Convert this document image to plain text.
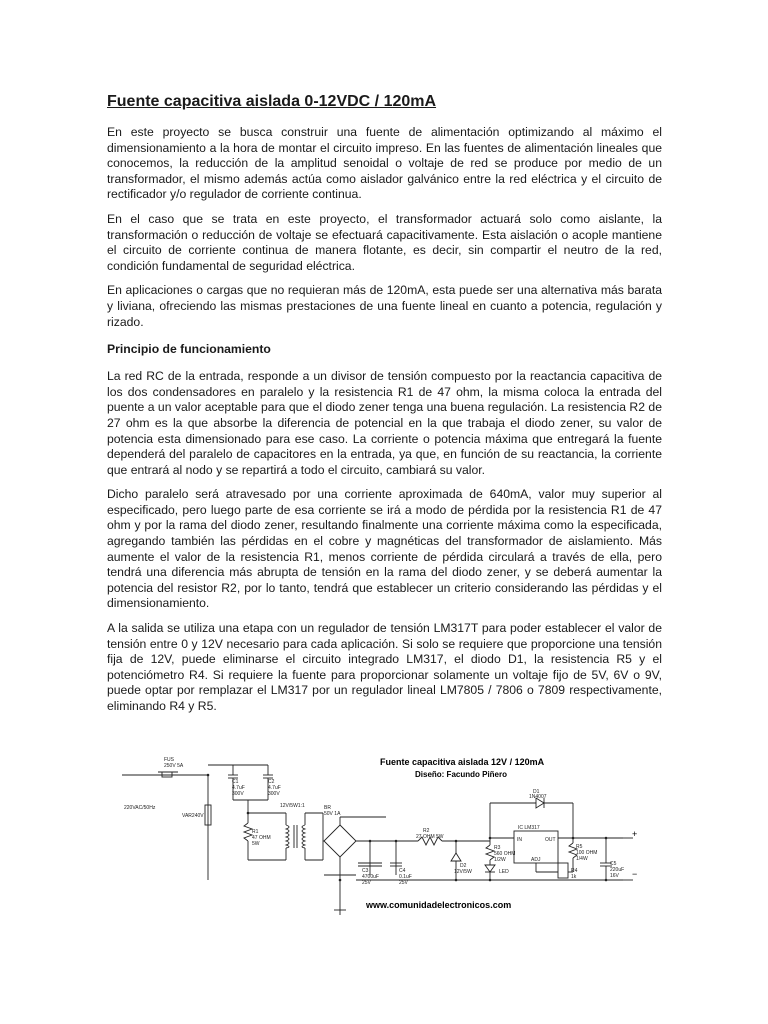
Fuente capacitiva aislada 0-12VDC / 120mA

En este proyecto se busca construir una fuente de alimentación optimizando al máximo el dimensionamiento a la hora de montar el circuito impreso. En las fuentes de alimentación lineales que conocemos, la reducción de la amplitud senoidal o voltaje de red se produce por medio de un transformador, el mismo además actúa como aislador galvánico entre la red eléctrica y el circuito de rectificador y/o regulador de corriente continua.

En el caso que se trata en este proyecto, el transformador actuará solo como aislante, la transformación o reducción de voltaje se efectuará capacitivamente. Esta aislación o acople mantiene el circuito de corriente continua de manera flotante, es decir, sin compartir el neutro de la red, condición fundamental de seguridad eléctrica.

En aplicaciones o cargas que no requieran más de 120mA, esta puede ser una alternativa más barata y liviana, ofreciendo las mismas prestaciones de una fuente lineal en cuanto a potencia, regulación y rizado.

Principio de funcionamiento

La red RC de la entrada, responde a un divisor de tensión compuesto por la reactancia capacitiva de los dos condensadores en paralelo y la resistencia R1 de 47 ohm, la misma coloca la entrada del puente a un valor aceptable para que el diodo zener tenga una buena regulación. La resistencia R2 de 27 ohm es la que absorbe la diferencia de potencial en la que trabaja el diodo zener, su valor de potencia esta dimensionado para ese caso. La corriente o potencia máxima que entregará la fuente dependerá del paralelo de capacitores en la entrada, ya que, en función de su reactancia, la corriente que entrará al nodo y se repartirá a todo el circuito, cambiará su valor.

Dicho paralelo será atravesado por una corriente aproximada de 640mA, valor muy superior al especificado, pero luego parte de esa corriente se irá a modo de pérdida por la resistencia R1 de 47 ohm y por la rama del diodo zener, resultando finalmente una corriente máxima como la especificada, agregando también las pérdidas en el cobre y magnéticas del transformador de aislamiento. Más aumente el valor de la resistencia R1, menos corriente de pérdida circulará a través de ella, pero tendrá una diferencia más abrupta de tensión en la rama del diodo zener, y se deberá aumentar la potencia del resistor R2, por lo tanto, tendrá que establecer un criterio considerando las pérdidas y el dimensionamiento.

A la salida se utiliza una etapa con un regulador de tensión LM317T para poder establecer el valor de tensión entre 0 y 12V necesario para cada aplicación. Si solo se requiere que proporcione una tensión fija de 12V, puede eliminarse el circuito integrado LM317, el diodo D1, la resistencia R5 y el potenciómetro R4. Si requiere la fuente para proporcionar solamente un voltaje fijo de 5V, 6V o 9V, puede optar por remplazar el LM317 por un regulador lineal LM7805 / 7806 o 7809 respectivamente, eliminando R4 y R5.

Fuente capacitiva aislada 12V / 120mA
Diseño: Facundo Piñero
www.comunidadelectronicos.com
FUS
250V 5A
220VAC/50Hz
C1
4.7uF
300V
C2
4.7uF
300V
VAR240V
R1
47 OHM
5W
12V/5W1:1	BR
50V 1A
R2
27 OHM 5W
C3
4700uF
25V
C4
0.1uF
25V
D2
12V/5W
R3
560 OHM
1/2W
LED
D1
1N4007
IC LM317
IN	OUT
ADJ
R5
100 OHM
1/4W
R4
1k
C5
220uF
16V
+
−
